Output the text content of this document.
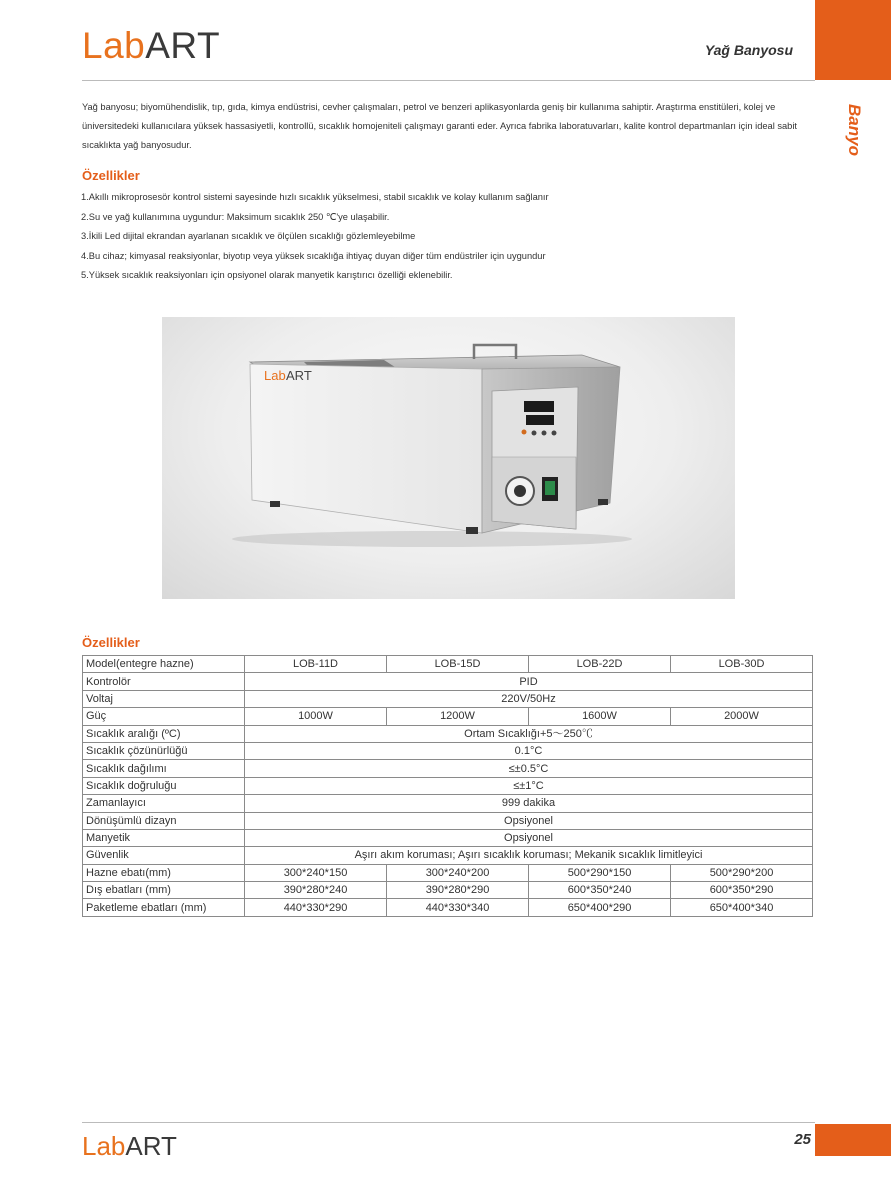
LabART	Yağ Banyosu
Banyo
Yağ banyosu; biyomühendislik, tıp, gıda, kimya endüstrisi, cevher çalışmaları, petrol ve benzeri aplikasyonlarda geniş bir kullanıma sahiptir. Araştırma enstitüleri, kolej ve üniversitedeki kullanıcılara yüksek hassasiyetli, kontrollü, sıcaklık homojeniteli çalışmayı garanti eder. Ayrıca fabrika laboratuvarları, kalite kontrol departmanları için ideal sabit sıcaklıkta yağ banyosudur.
Özellikler
1.Akıllı mikroprosesör kontrol sistemi sayesinde hızlı sıcaklık yükselmesi, stabil sıcaklık ve kolay kullanım sağlanır
2.Su ve yağ kullanımına uygundur: Maksimum sıcaklık 250 ℃'ye ulaşabilir.
3.İkili Led dijital ekrandan ayarlanan sıcaklık ve ölçülen sıcaklığı gözlemleyebilme
4.Bu cihaz; kimyasal reaksiyonlar, biyotıp veya yüksek sıcaklığa ihtiyaç duyan diğer tüm endüstriler için uygundur
5.Yüksek sıcaklık reaksiyonları için opsiyonel olarak manyetik karıştırıcı özelliği eklenebilir.
Lab ART
Özellikler
Model(entegre hazne)	LOB-11D	LOB-15D	LOB-22D	LOB-30D
Kontrolör	PID			
Voltaj	220V/50Hz			
Güç	1000W	1200W	1600W	2000W
Sıcaklık aralığı (ºC)	Ortam Sıcaklığı+5～250℃			
Sıcaklık çözünürlüğü	0.1°C			
Sıcaklık dağılımı	≤±0.5°C			
Sıcaklık doğruluğu	≤±1°C			
Zamanlayıcı	999 dakika			
Dönüşümlü dizayn	Opsiyonel			
Manyetik	Opsiyonel			
Güvenlik	Aşırı akım koruması; Aşırı sıcaklık koruması; Mekanik sıcaklık limitleyici			
Hazne ebatı(mm)	300*240*150	300*240*200	500*290*150	500*290*200
Dış ebatları (mm)	390*280*240	390*280*290	600*350*240	600*350*290
Paketleme ebatları (mm)	440*330*290	440*330*340	650*400*290	650*400*340
LabART	25
